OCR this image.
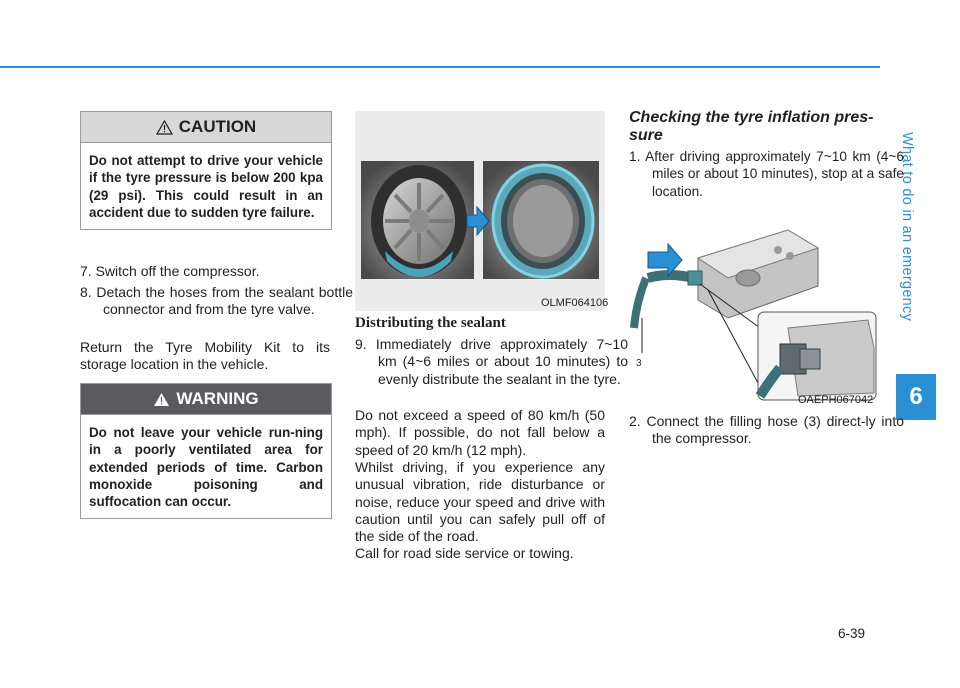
What to do in an emergency
6
CAUTION
Do not attempt to drive your vehicle if the tyre pressure is below 200 kpa (29 psi). This could result in an accident due to sudden tyre failure.
7. Switch off the compressor.
8. Detach the hoses from the sealant bottle connector and from the tyre valve.
Return the Tyre Mobility Kit to its storage location in the vehicle.
WARNING
Do not leave your vehicle run-ning in a poorly ventilated area for extended periods of time. Carbon monoxide poisoning and suffocation can occur.
OLMF064106
Distributing the sealant
9. Immediately drive approximately 7~10 km (4~6 miles or about 10 minutes) to evenly distribute the sealant in the tyre.
Do not exceed a speed of 80 km/h (50 mph). If possible, do not fall below a speed of 20 km/h (12 mph).
Whilst driving, if you experience any unusual vibration, ride disturbance or noise, reduce your speed and drive with caution until you can safely pull off of the side of the road.
Call for road side service or towing.
Checking the tyre inflation pres-sure
1. After driving approximately 7~10 km (4~6 miles or about 10 minutes), stop at a safe location.
3
OAEPH067042
2. Connect the filling hose (3) direct-ly into the compressor.
6-39
